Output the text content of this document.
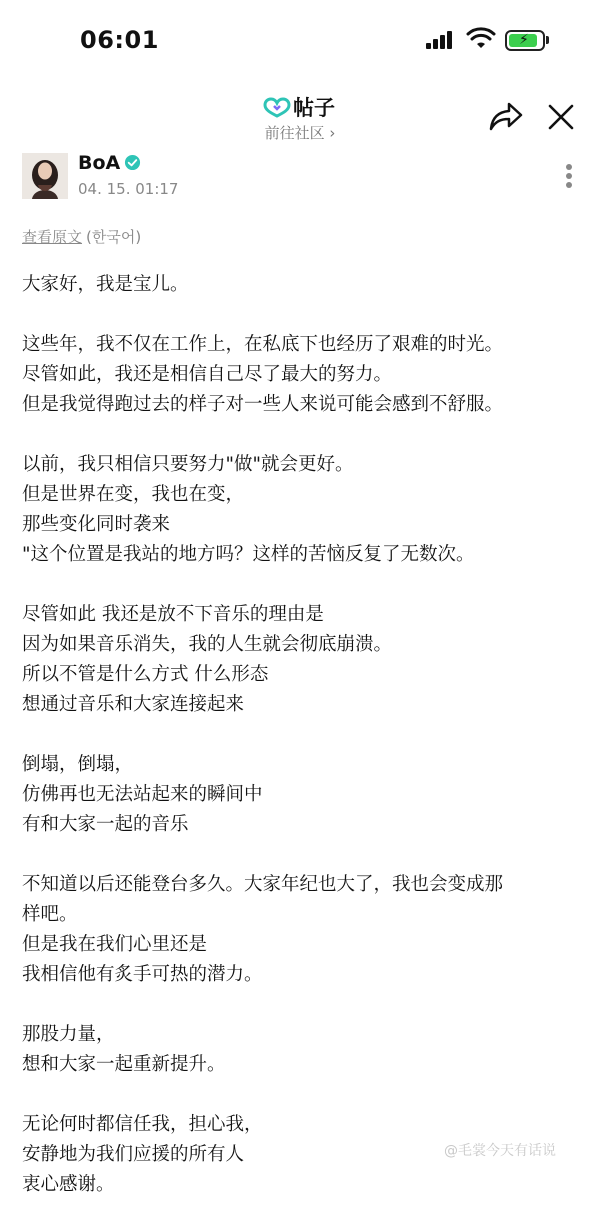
06:01	⚡
帖子
前往社区 ›
BoA
04. 15. 01:17
查看原文 (한국어)
大家好，我是宝儿。
这些年，我不仅在工作上，在私底下也经历了艰难的时光。
尽管如此，我还是相信自己尽了最大的努力。
但是我觉得跑过去的样子对一些人来说可能会感到不舒服。
以前，我只相信只要努力"做"就会更好。
但是世界在变，我也在变，
那些变化同时袭来
"这个位置是我站的地方吗？这样的苦恼反复了无数次。
尽管如此 我还是放不下音乐的理由是
因为如果音乐消失，我的人生就会彻底崩溃。
所以不管是什么方式 什么形态
想通过音乐和大家连接起来
倒塌，倒塌，
仿佛再也无法站起来的瞬间中
有和大家一起的音乐
不知道以后还能登台多久。大家年纪也大了，我也会变成那
样吧。
但是我在我们心里还是
我相信他有炙手可热的潜力。
那股力量，
想和大家一起重新提升。
无论何时都信任我，担心我，
安静地为我们应援的所有人
衷心感谢。
@毛裳今天有话说
